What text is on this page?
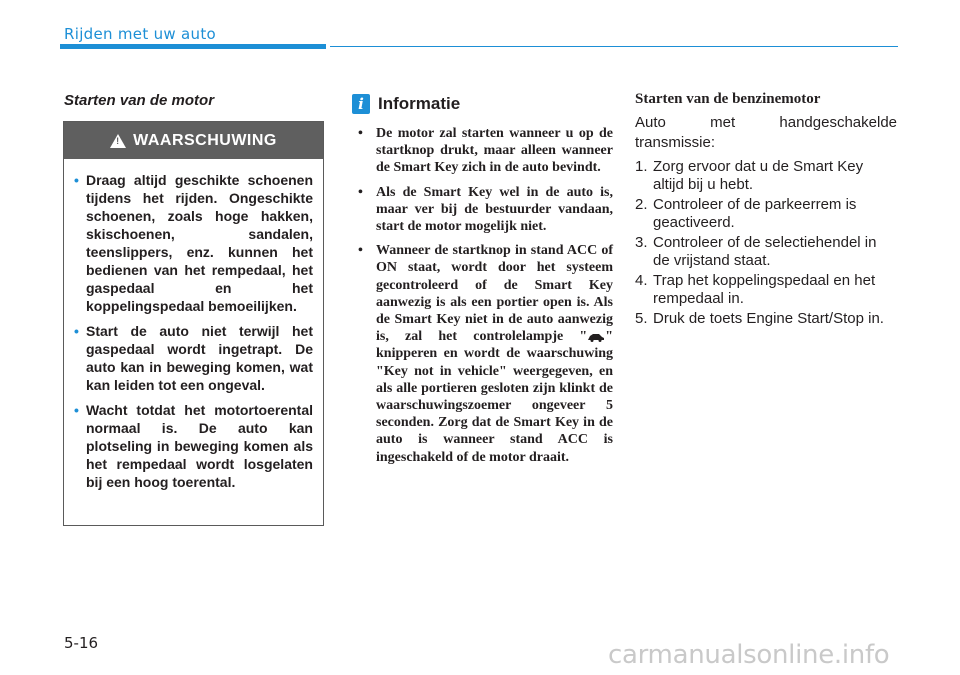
Rijden met uw auto
Starten van de motor
!
WAARSCHUWING
• Draag altijd geschikte schoenen tijdens het rijden. Ongeschikte schoenen, zoals hoge hakken, skischoenen, sandalen, teenslippers, enz. kunnen het bedienen van het rempedaal, het gaspedaal en het koppelingspedaal bemoeilijken.
• Start de auto niet terwijl het gaspedaal wordt ingetrapt. De auto kan in beweging komen, wat kan leiden tot een ongeval.
• Wacht totdat het motortoerental normaal is. De auto kan plotseling in beweging komen als het rempedaal wordt losgelaten bij een hoog toerental.
i Informatie
• De motor zal starten wanneer u op de startknop drukt, maar alleen wanneer de Smart Key zich in de auto bevindt.
• Als de Smart Key wel in de auto is, maar ver bij de bestuurder vandaan, start de motor mogelijk niet.
• Wanneer de startknop in stand ACC of ON staat, wordt door het systeem gecontroleerd of de Smart Key aanwezig is als een portier open is. Als de Smart Key niet in de auto aanwezig is, zal het controlelampje " " knipperen en wordt de waarschuwing "Key not in vehicle" weergegeven, en als alle portieren gesloten zijn klinkt de waarschuwingszoemer ongeveer 5 seconden. Zorg dat de Smart Key in de auto is wanneer stand ACC is ingeschakeld of de motor draait.
Starten van de benzinemotor
Auto met handgeschakelde
transmissie:
1. Zorg ervoor dat u de Smart Key altijd bij u hebt.
2. Controleer of de parkeerrem is geactiveerd.
3. Controleer of de selectiehendel in de vrijstand staat.
4. Trap het koppelingspedaal en het rempedaal in.
5. Druk de toets Engine Start/Stop in.
5-16	carmanualsonline.info
